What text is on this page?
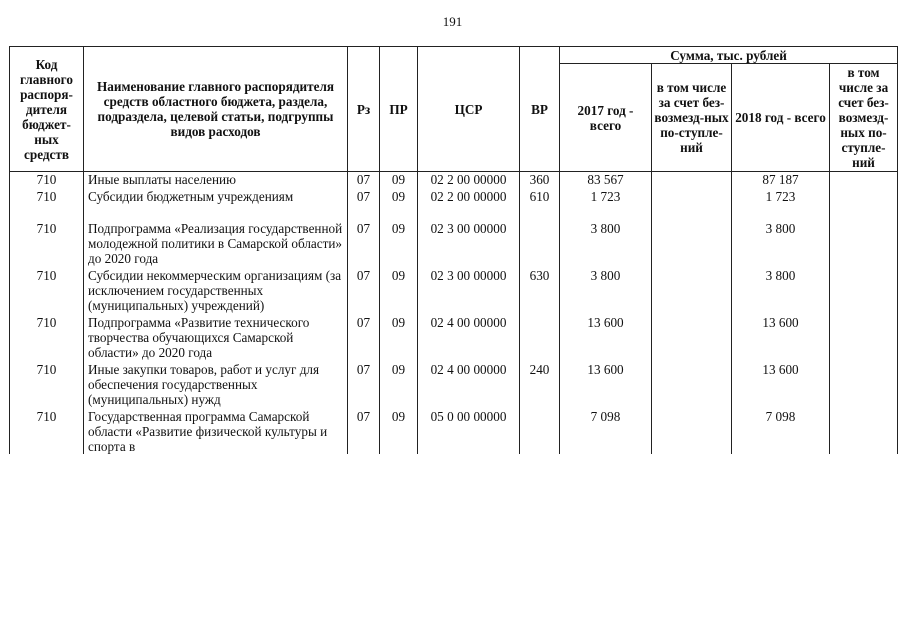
191
Код главного распоря-дителя бюджет-ных средств	Наименование главного распорядителя средств областного бюджета, раздела, подраздела, целевой статьи, подгруппы видов расходов	Рз	ПР	ЦСР	ВР	Сумма, тыс. рублей			
						2017 год - всего	в том числе за счет без-возмезд-ных по-ступле-ний	2018 год - всего	в том числе за счет без-возмезд-ных по-ступле-ний
710	Иные выплаты населению	07	09	02 2 00 00000	360	83 567		87 187	
710	Субсидии бюджетным учреждениям	07	09	02 2 00 00000	610	1 723		1 723	
710	Подпрограмма «Реализация государственной молодежной политики в Самарской области» до 2020 года	07	09	02 3 00 00000		3 800		3 800	
710	Субсидии некоммерческим организациям (за исключением государственных (муниципальных) учреждений)	07	09	02 3 00 00000	630	3 800		3 800	
710	Подпрограмма «Развитие технического творчества обучающихся Самарской области» до 2020 года	07	09	02 4 00 00000		13 600		13 600	
710	Иные закупки товаров, работ и услуг для обеспечения государственных (муниципальных) нужд	07	09	02 4 00 00000	240	13 600		13 600	
710	Государственная программа Самарской области «Развитие физической культуры и спорта в	07	09	05 0 00 00000		7 098		7 098	
